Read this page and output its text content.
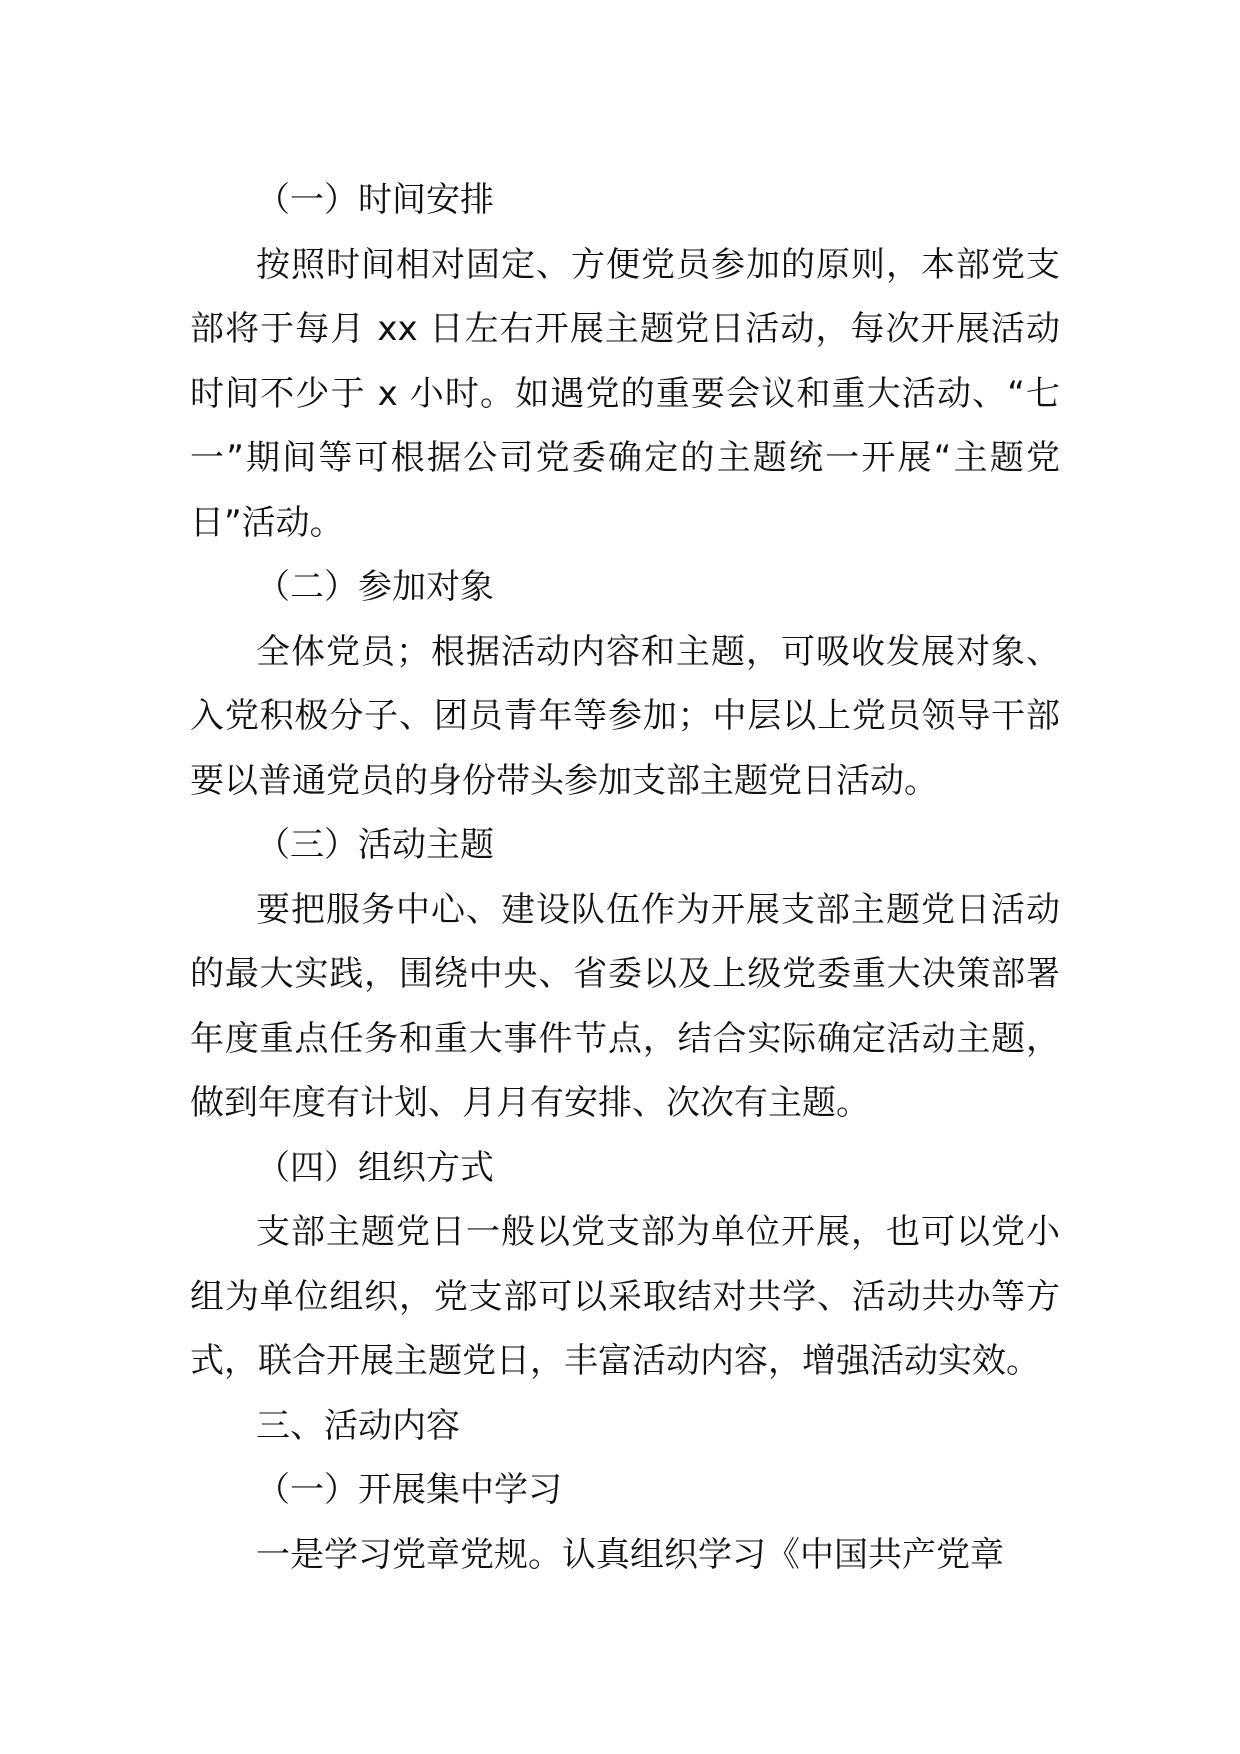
（一）时间安排

按照时间相对固定、方便党员参加的原则，本部党支部将于每月 xx 日左右开展主题党日活动，每次开展活动时间不少于 x 小时。如遇党的重要会议和重大活动、“七一”期间等可根据公司党委确定的主题统一开展“主题党日”活动。

（二）参加对象

全体党员；根据活动内容和主题，可吸收发展对象、入党积极分子、团员青年等参加；中层以上党员领导干部要以普通党员的身份带头参加支部主题党日活动。

（三）活动主题

要把服务中心、建设队伍作为开展支部主题党日活动的最大实践，围绕中央、省委以及上级党委重大决策部署年度重点任务和重大事件节点，结合实际确定活动主题，做到年度有计划、月月有安排、次次有主题。

（四）组织方式

支部主题党日一般以党支部为单位开展，也可以党小组为单位组织，党支部可以采取结对共学、活动共办等方式，联合开展主题党日，丰富活动内容，增强活动实效。

三、活动内容

（一）开展集中学习

一是学习党章党规。认真组织学习《中国共产党章
